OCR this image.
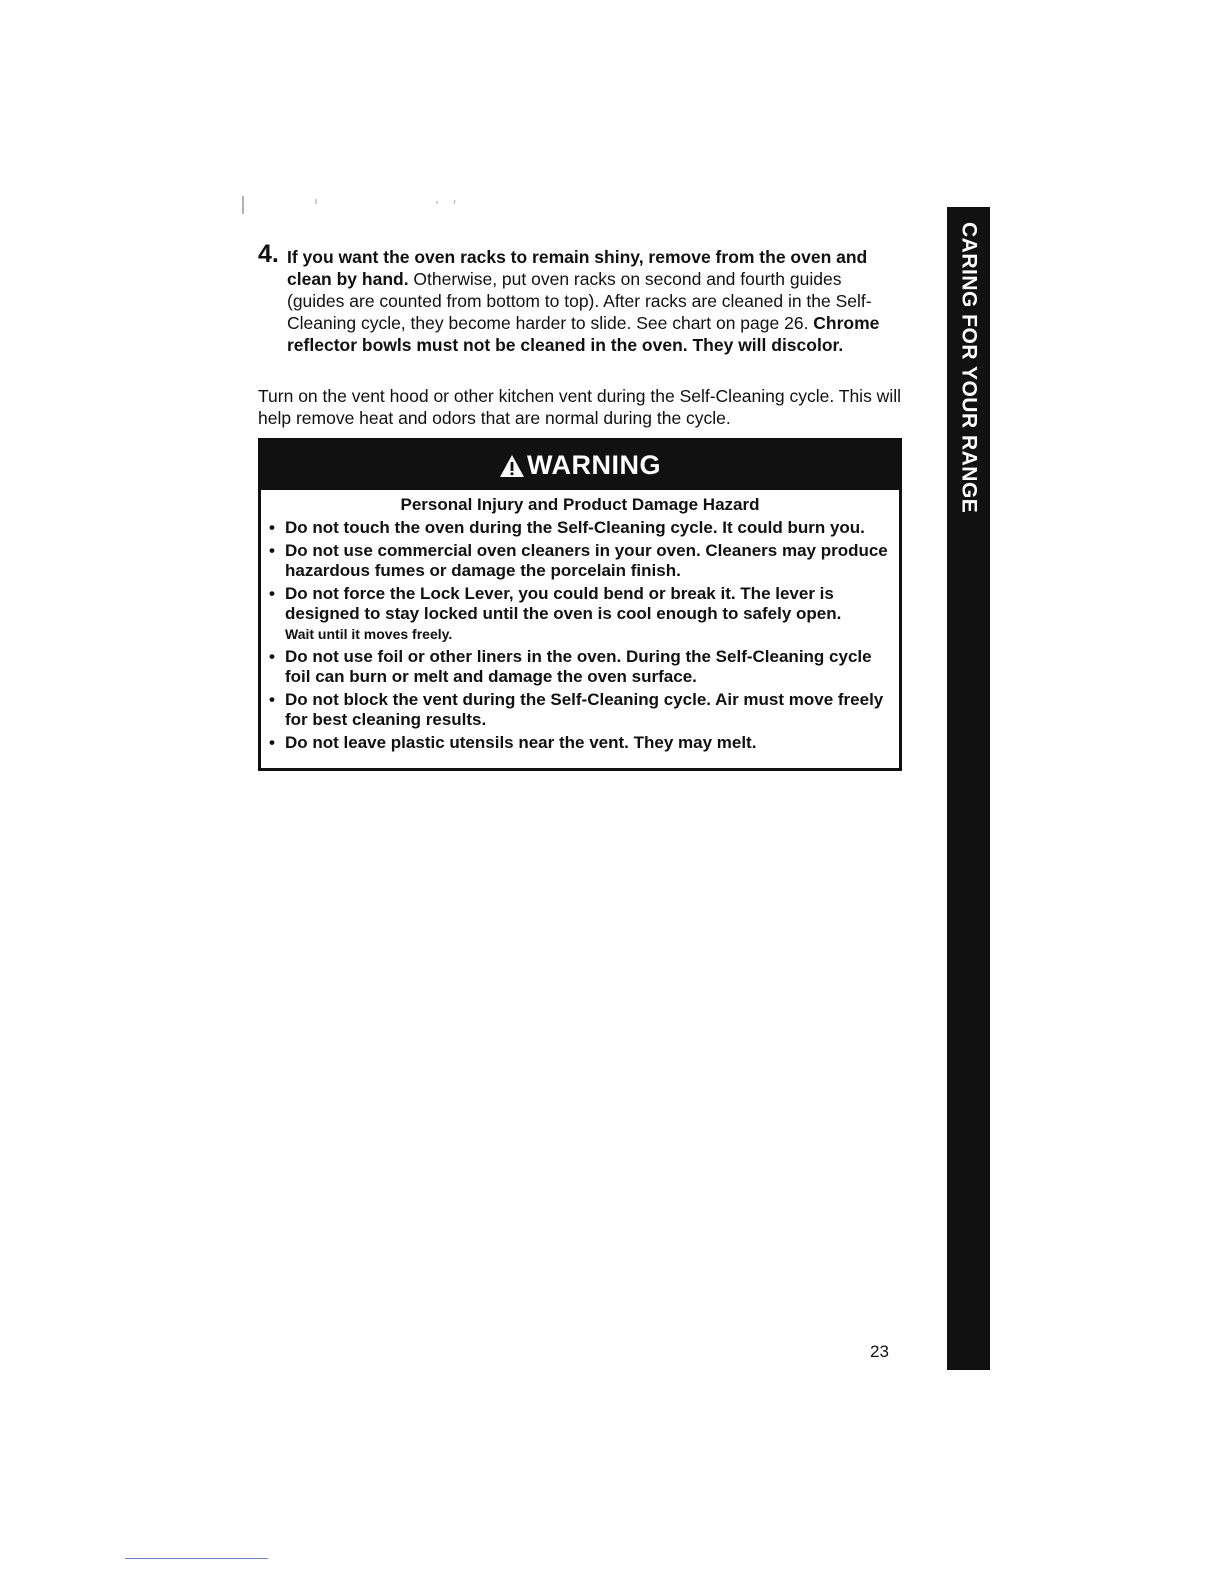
4. If you want the oven racks to remain shiny, remove from the oven and clean by hand. Otherwise, put oven racks on second and fourth guides (guides are counted from bottom to top). After racks are cleaned in the Self-Cleaning cycle, they become harder to slide. See chart on page 26. Chrome reflector bowls must not be cleaned in the oven. They will discolor.
Turn on the vent hood or other kitchen vent during the Self-Cleaning cycle. This will help remove heat and odors that are normal during the cycle.
WARNING
Personal Injury and Product Damage Hazard
• Do not touch the oven during the Self-Cleaning cycle. It could burn you.
• Do not use commercial oven cleaners in your oven. Cleaners may produce hazardous fumes or damage the porcelain finish.
• Do not force the Lock Lever, you could bend or break it. The lever is designed to stay locked until the oven is cool enough to safely open.
Wait until it moves freely.
• Do not use foil or other liners in the oven. During the Self-Cleaning cycle foil can burn or melt and damage the oven surface.
• Do not block the vent during the Self-Cleaning cycle. Air must move freely for best cleaning results.
• Do not leave plastic utensils near the vent. They may melt.
CARING FOR YOUR RANGE
23
